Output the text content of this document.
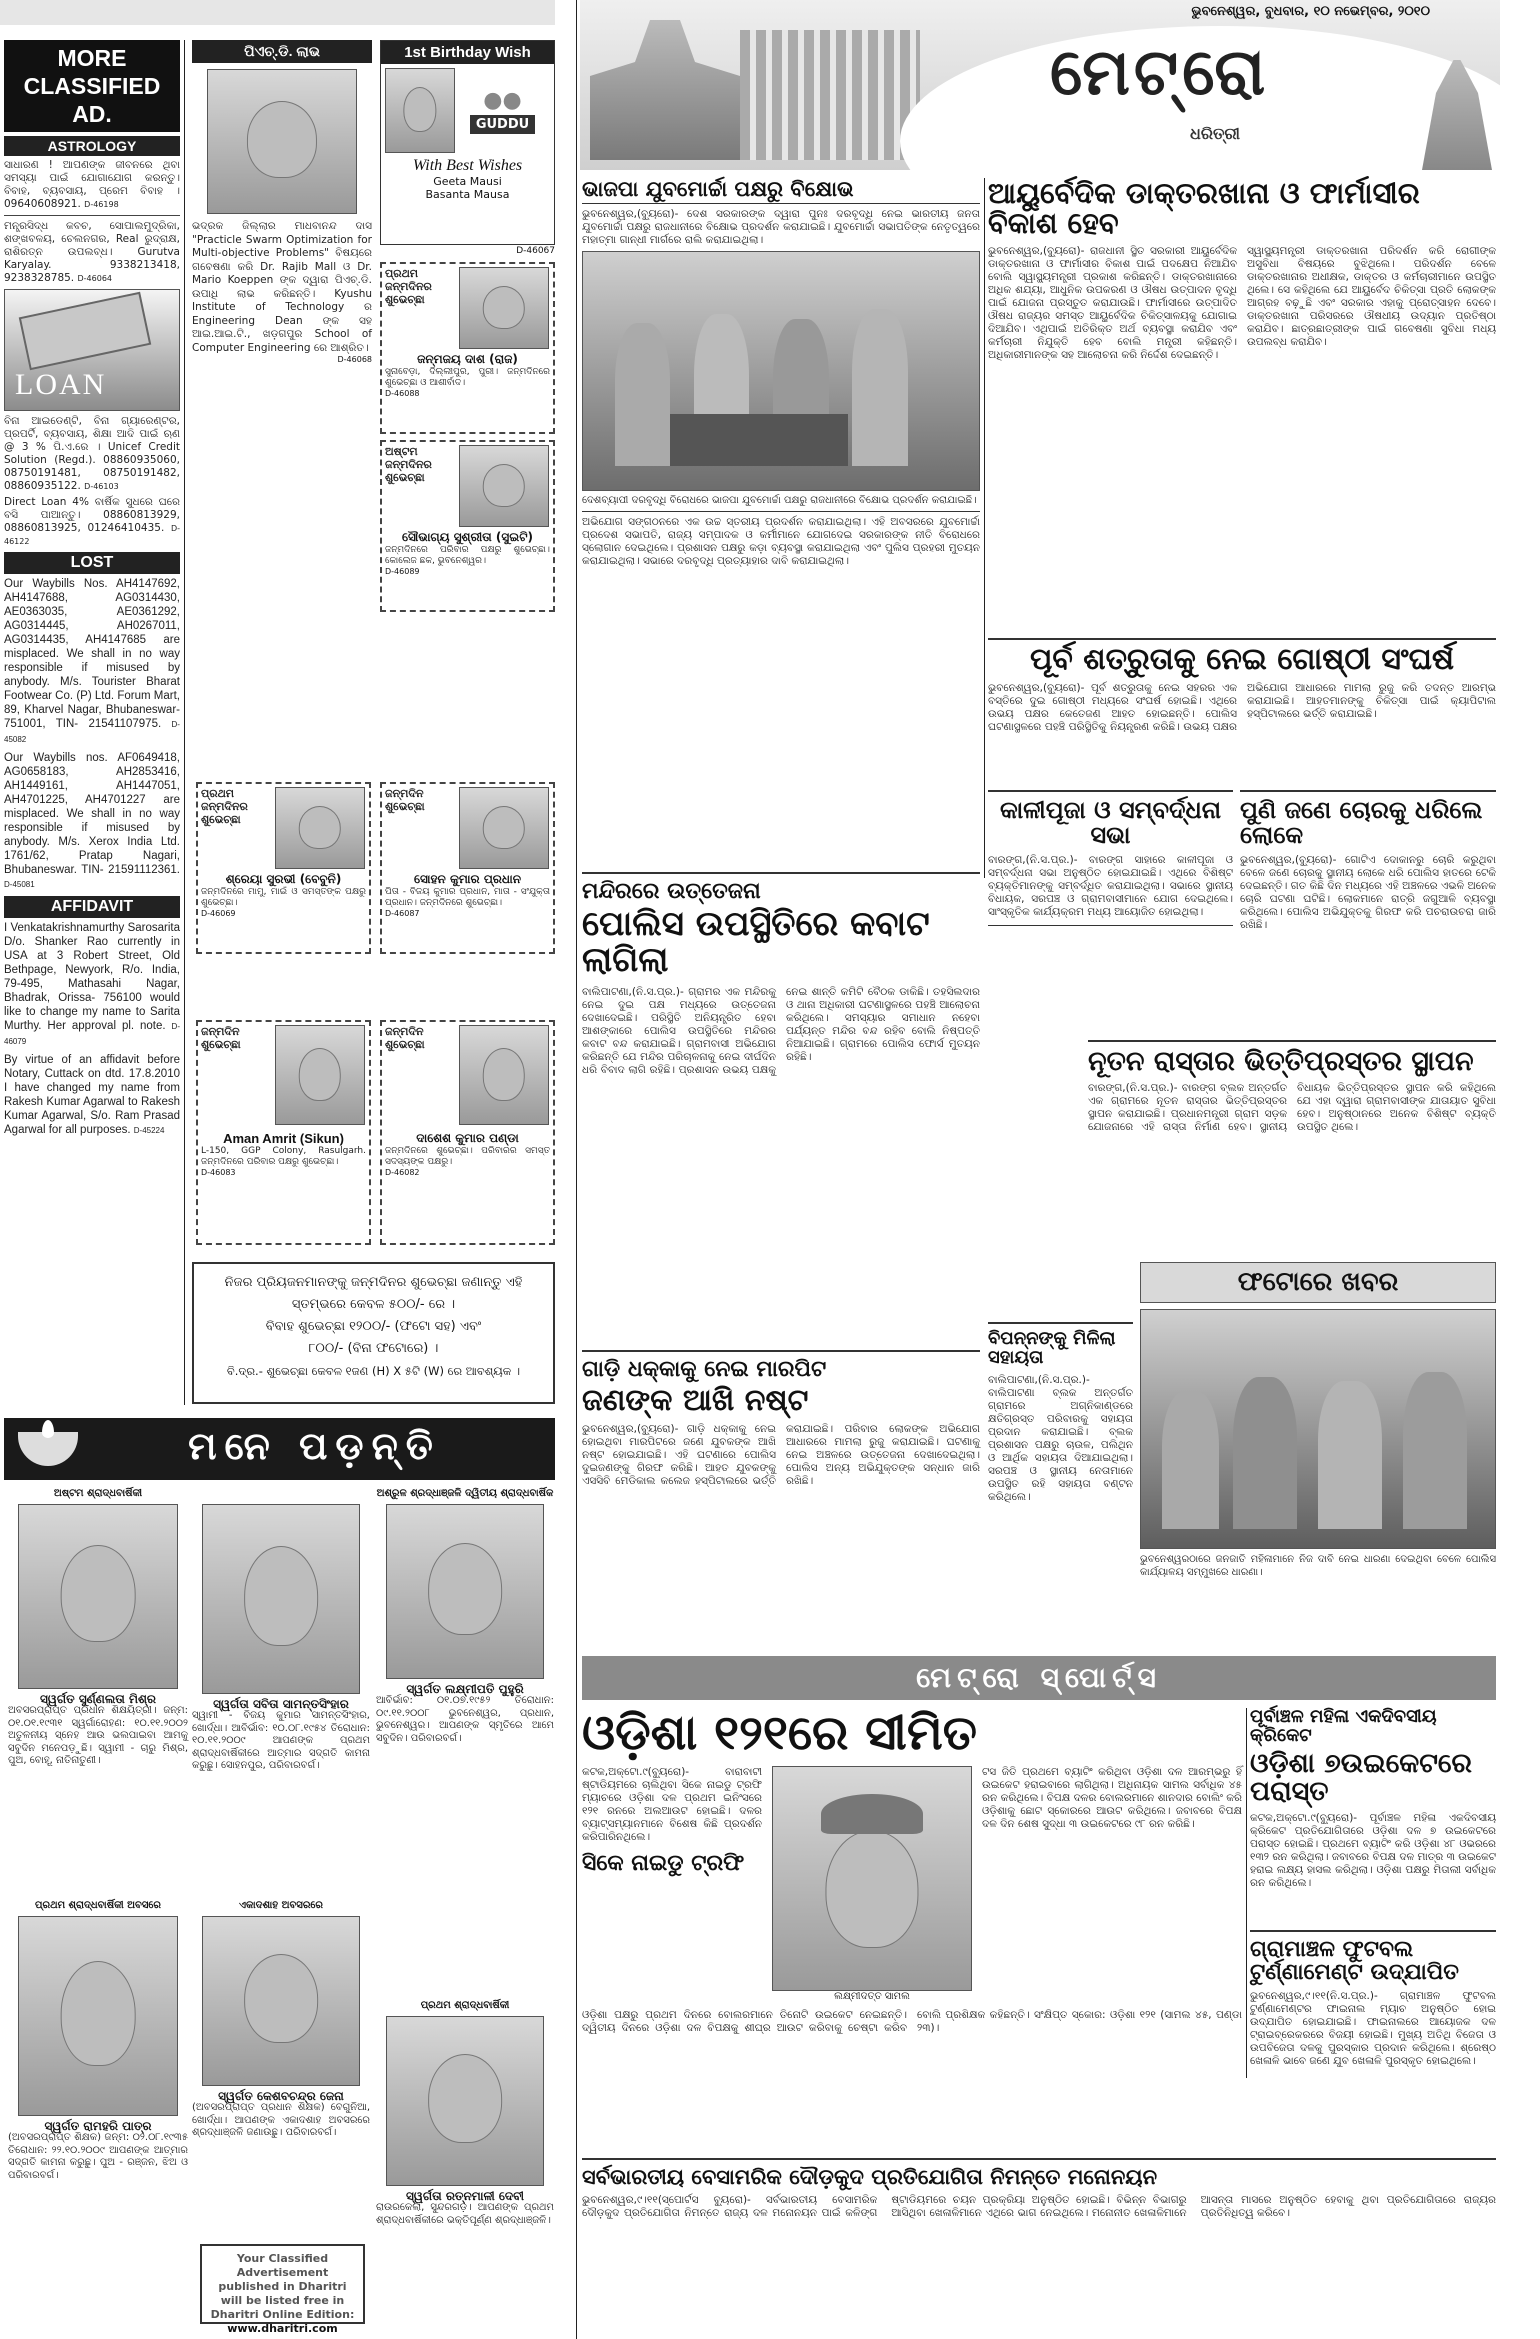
MORE CLASSIFIED AD.
ASTROLOGY
ସାଧାରଣ ! ଆପଣଙ୍କ ଜୀବନରେ ଥିବା ସମସ୍ୟା ପାଇଁ ଯୋଗାଯୋଗ କରନ୍ତୁ। ବିବାହ, ବ୍ୟବସାୟ, ପ୍ରେମ ବିବାହ । 09640608921. D-46198
ମନ୍ତ୍ରସିଦ୍ଧ କବଚ, ସୋପାଲମୁଦ୍ରିକା, ଶଙ୍ଖବଳୟ, ଚେଲନଗର, Real ରୁଦ୍ରାକ୍ଷ, ରାଶିରତ୍ନ ଉପଲବ୍ଧ। Gurutva Karyalay. 9338213418, 9238328785. D-46064
LOAN
ବିନା ଆଇଡେଣ୍ଟି, ବିନା ଗ୍ୟାରେଣ୍ଟର, ପ୍ରପର୍ଟି, ବ୍ୟବସାୟ, ଶିକ୍ଷା ଆଦି ପାଇଁ ଋଣ @ 3 % ପି.ଏ.ରେ । Unicef Credit Solution (Regd.). 08860935060, 08750191481, 08750191482, 08860935122. D-46103
Direct Loan 4% ବାର୍ଷିକ ସୁଧରେ ଘରେ ବସି ପାଆନ୍ତୁ। 08860813929, 08860813925, 01246410435. D-46122
LOST
Our Waybills Nos. AH4147692, AH4147688, AG0314430, AE0363035, AE0361292, AG0314445, AH0267011, AG0314435, AH4147685 are misplaced. We shall in no way responsible if misused by anybody. M/s. Tourister Bharat Footwear Co. (P) Ltd. Forum Mart, 89, Kharvel Nagar, Bhubaneswar-751001, TIN- 21541107975. D-45082
Our Waybills nos. AF0649418, AG0658183, AH2853416, AH1449161, AH1447051, AH4701225, AH4701227 are misplaced. We shall in no way responsible if misused by anybody. M/s. Xerox India Ltd. 1761/62, Pratap Nagari, Bhubaneswar. TIN- 21591112361. D-45081
AFFIDAVIT
I Venkatakrishnamurthy Sarosarita D/o. Shanker Rao currently in USA at 3 Robert Street, Old Bethpage, Newyork, R/o. India, 79-495, Mathasahi Nagar, Bhadrak, Orissa- 756100 would like to change my name to Sarita Murthy. Her approval pl. note. D-46079
By virtue of an affidavit before Notary, Cuttack on dtd. 17.8.2010 I have changed my name from Rakesh Kumar Agarwal to Rakesh Kumar Agarwal, S/o. Ram Prasad Agarwal for all purposes. D-45224
ପିଏଚ୍.ଡି. ଲାଭ
ଭଦ୍ରକ ଜିଲ୍ଲାର ମାଧବାନନ୍ଦ ଦାସ "Practicle Swarm Optimization for Multi-objective Problems" ବିଷୟରେ ଗବେଷଣା କରି Dr. Rajib Mall ଓ Dr. Mario Koeppen ଙ୍କ ଦ୍ୱାରା ପିଏଚ୍.ଡି. ଉପାଧି ଲାଭ କରିଛନ୍ତି। Kyushu Institute of Technology ର Engineering Dean ଙ୍କ ସହ ଆଇ.ଆଇ.ଟି., ଖଡ଼ଗପୁର School of Computer Engineering ରେ ଆଶ୍ରିତ।
D-46068
1st Birthday Wish
●●
GUDDU
With Best Wishes
Geeta Mausi
Basanta Mausa
D-46067
ପ୍ରଥମ ଜନ୍ମଦିନର ଶୁଭେଚ୍ଛା
ଜନ୍ମଜୟ ଦାଶ (ରାଜ)
ସୁନାବେଡ଼ା, ଦିଲ୍ଲୀପୁର, ପୁରୀ। ଜନ୍ମଦିନରେ ଶୁଭେଚ୍ଛା ଓ ଆଶୀର୍ବାଦ।
D-46088
ଅଷ୍ଟମ ଜନ୍ମଦିନର ଶୁଭେଚ୍ଛା
ସୌଭାଗ୍ୟ ସୁଶ୍ରୀତା (ସୁଇଟି)
ଜନ୍ମଦିନରେ ପରିବାର ପକ୍ଷରୁ ଶୁଭେଚ୍ଛା। କୋଲେଜ ଛକ, ଭୁବନେଶ୍ୱର।
D-46089
ପ୍ରଥମ ଜନ୍ମଦିନର ଶୁଭେଚ୍ଛା
ଶ୍ରେୟା ସୁରଭୀ (ବେବୁନି)
ଜନ୍ମଦିନରେ ମାମୁ, ମାଇଁ ଓ ସମସ୍ତଙ୍କ ପକ୍ଷରୁ ଶୁଭେଚ୍ଛା।
D-46069
ଜନ୍ମଦିନ ଶୁଭେଚ୍ଛା
ସୋହନ କୁମାର ପ୍ରଧାନ
ପିତା - ବିଜୟ କୁମାର ପ୍ରଧାନ, ମାତା - ସଂଯୁକ୍ତା ପ୍ରଧାନ। ଜନ୍ମଦିନରେ ଶୁଭେଚ୍ଛା।
D-46087
ଜନ୍ମଦିନ ଶୁଭେଚ୍ଛା
Aman Amrit (Sikun)
L-150, GGP Colony, Rasulgarh. ଜନ୍ମଦିନରେ ପରିବାର ପକ୍ଷରୁ ଶୁଭେଚ୍ଛା।
D-46083
ଜନ୍ମଦିନ ଶୁଭେଚ୍ଛା
ଦାଶେଶ କୁମାର ପଣ୍ଡା
ଜନ୍ମଦିନରେ ଶୁଭେଚ୍ଛା। ପରିବାରର ସମସ୍ତ ସଦସ୍ୟଙ୍କ ପକ୍ଷରୁ।
D-46082
ନିଜର ପ୍ରିୟଜନମାନଙ୍କୁ ଜନ୍ମଦିନର ଶୁଭେଚ୍ଛା ଜଣାନ୍ତୁ ଏହି
ସ୍ତମ୍ଭରେ କେବଳ ୫୦୦/- ରେ ।
ବିବାହ ଶୁଭେଚ୍ଛା ୧୨୦୦/- (ଫଟୋ ସହ) ଏବଂ
୮୦୦/- (ବିନା ଫଟୋରେ) ।
ବି.ଦ୍ର.- ଶୁଭେଚ୍ଛା କେବଳ ୧ଜଣ (H) X ୫ଟି (W) ରେ ଆବଶ୍ୟକ ।
ମନେ ପଡ଼ନ୍ତି
ଅଷ୍ଟମ ଶ୍ରାଦ୍ଧବାର୍ଷିକୀ
ସ୍ୱର୍ଗତ ସୁର୍ଣ୍ଣଲତା ମିଶ୍ର
ଅବସରପ୍ରାପ୍ତ ପ୍ରଧାନ ଶିକ୍ଷୟିତ୍ରୀ। ଜନ୍ମ: ୦୧.୦୧.୧୯୩୧ ସ୍ୱର୍ଗାରୋହଣ: ୧୦.୧୧.୨୦୦୨ ଅତୁଳନୀୟ ସ୍ନେହ ଆଉ ଭଲପାଇବା ଆମକୁ ସବୁଦିନ ମନେପଡ଼ୁଛି। ସ୍ୱାମୀ - ଚାରୁ ମିଶ୍ର, ପୁଅ, ବୋହୂ, ନାତିନାତୁଣୀ।
ସ୍ୱର୍ଗତା ସବିତା ସାମନ୍ତସିଂହାର
ସ୍ୱାମୀ - ବିଜୟ କୁମାର ସାମନ୍ତସିଂହାର, ଖୋର୍ଦ୍ଧା। ଆବିର୍ଭାବ: ୧୦.୦୮.୧୯୫୪ ତିରୋଧାନ: ୧୦.୧୧.୨୦୦୯ ଆପଣଙ୍କ ପ୍ରଥମ ଶ୍ରାଦ୍ଧବାର୍ଷିକୀରେ ଆତ୍ମାର ସଦ୍‌ଗତି କାମନା କରୁଛୁ। ସୋହନପୁର, ପରିବାରବର୍ଗ।
ଅଶ୍ରୁଳ ଶ୍ରଦ୍ଧାଞ୍ଜଳି ଦ୍ୱିତୀୟ ଶ୍ରାଦ୍ଧବାର୍ଷିକ
ସ୍ୱର୍ଗତ ଲକ୍ଷ୍ମୀପତି ପୁହୁରି
ଆବିର୍ଭାବ: ୦୧.୦୭.୧୯୫୨ ତିରୋଧାନ: ୦୯.୧୧.୨୦୦୮ ଭୁବନେଶ୍ୱର, ପ୍ରଧାନ, ଭୁବନେଶ୍ୱର। ଆପଣଙ୍କ ସ୍ମୃତିରେ ଆମେ ସବୁଦିନ। ପରିବାରବର୍ଗ।
ପ୍ରଥମ ଶ୍ରାଦ୍ଧବାର୍ଷିକୀ ଅବସରେ
ସ୍ୱର୍ଗତ ରାମହରି ପାତ୍ର
(ଅବସରପ୍ରାପ୍ତ ଶିକ୍ଷକ) ଜନ୍ମ: ୦୨.୦୮.୧୯୩୫ ତିରୋଧାନ: ୨୨.୧୦.୨୦୦୯ ଆପଣଙ୍କ ଆତ୍ମାର ସଦ୍‌ଗତି କାମନା କରୁଛୁ। ପୁଅ - ରଞ୍ଜନ, ଝିଅ ଓ ପରିବାରବର୍ଗ।
ଏକାଦଶାହ ଅବସରରେ
ସ୍ୱର୍ଗତ କେଶବଚନ୍ଦ୍ର ଜେନା
(ଅବସରପ୍ରାପ୍ତ ପ୍ରଧାନ ଶିକ୍ଷକ) ବେଗୁନିଆ, ଖୋର୍ଦ୍ଧା। ଆପଣଙ୍କ ଏକାଦଶାହ ଅବସରରେ ଶ୍ରଦ୍ଧାଞ୍ଜଳି ଜଣାଉଛୁ। ପରିବାରବର୍ଗ।
Your Classified Advertisement published in Dharitri will be listed free in Dharitri Online Edition:
www.dharitri.com
ପ୍ରଥମ ଶ୍ରାଦ୍ଧବାର୍ଷିକୀ
ସ୍ୱର୍ଗତା ରତ୍ନମାଳୀ ଦେବୀ
ରାଉରକେଲା, ସୁନ୍ଦରଗଡ଼। ଆପଣଙ୍କ ପ୍ରଥମ ଶ୍ରାଦ୍ଧବାର୍ଷିକୀରେ ଭକ୍ତିପୂର୍ଣ୍ଣ ଶ୍ରଦ୍ଧାଞ୍ଜଳି।
ଭୁବନେଶ୍ୱର, ବୁଧବାର, ୧୦ ନଭେମ୍ବର, ୨୦୧୦
ମେଟ୍ରୋ
ଧରିତ୍ରୀ
ଭାଜପା ଯୁବମୋର୍ଚ୍ଚା ପକ୍ଷରୁ ବିକ୍ଷୋଭ
ଭୁବନେଶ୍ୱର,(ବ୍ୟୁରୋ)- ଦେଶ ସରକାରଙ୍କ ଦ୍ୱାରା ପୁନଃ ଦରବୃଦ୍ଧି ନେଇ ଭାରତୀୟ ଜନତା ଯୁବମୋର୍ଚ୍ଚା ପକ୍ଷରୁ ରାଜଧାନୀରେ ବିକ୍ଷୋଭ ପ୍ରଦର୍ଶନ କରାଯାଇଛି। ଯୁବମୋର୍ଚ୍ଚା ସଭାପତିଙ୍କ ନେତୃତ୍ୱରେ ମହାତ୍ମା ଗାନ୍ଧୀ ମାର୍ଗରେ ରାଲି କରାଯାଇଥିଲା।
ଦେଶବ୍ୟାପୀ ଦରବୃଦ୍ଧି ବିରୋଧରେ ଭାଜପା ଯୁବମୋର୍ଚ୍ଚା ପକ୍ଷରୁ ରାଜଧାନୀରେ ବିକ୍ଷୋଭ ପ୍ରଦର୍ଶନ କରାଯାଇଛି।
ଅଭିଯୋଗ ସଙ୍ଗଠନରେ ଏକ ଉଚ୍ଚ ସ୍ତରୀୟ ପ୍ରଦର୍ଶନ କରାଯାଇଥିଲା। ଏହି ଅବସରରେ ଯୁବମୋର୍ଚ୍ଚା ପ୍ରଦେଶ ସଭାପତି, ରାଜ୍ୟ ସମ୍ପାଦକ ଓ କର୍ମୀମାନେ ଯୋଗଦେଇ ସରକାରଙ୍କ ନୀତି ବିରୋଧରେ ସ୍ଲୋଗାନ ଦେଇଥିଲେ। ପ୍ରଶାସନ ପକ୍ଷରୁ କଡ଼ା ବ୍ୟବସ୍ଥା କରାଯାଇଥିଲା ଏବଂ ପୁଲିସ ପ୍ରହରୀ ମୁତୟନ କରାଯାଇଥିଲା। ସଭାରେ ଦରବୃଦ୍ଧି ପ୍ରତ୍ୟାହାର ଦାବି କରାଯାଇଥିଲା।
ଆୟୁର୍ବେଦିକ ଡାକ୍ତରଖାନା ଓ ଫାର୍ମାସୀର ବିକାଶ ହେବ
ଭୁବନେଶ୍ୱର,(ବ୍ୟୁରୋ)- ରାଜଧାନୀ ସ୍ଥିତ ସରକାରୀ ଆୟୁର୍ବେଦିକ ଡାକ୍ତରଖାନା ଓ ଫାର୍ମାସୀର ବିକାଶ ପାଇଁ ପଦକ୍ଷେପ ନିଆଯିବ ବୋଲି ସ୍ୱାସ୍ଥ୍ୟମନ୍ତ୍ରୀ ପ୍ରକାଶ କରିଛନ୍ତି। ଡାକ୍ତରଖାନାରେ ଅଧିକ ଶଯ୍ୟା, ଆଧୁନିକ ଉପକରଣ ଓ ଔଷଧ ଉତ୍ପାଦନ ବୃଦ୍ଧି ପାଇଁ ଯୋଜନା ପ୍ରସ୍ତୁତ କରାଯାଉଛି। ଫାର୍ମାସୀରେ ଉତ୍ପାଦିତ ଔଷଧ ରାଜ୍ୟର ସମସ୍ତ ଆୟୁର୍ବେଦିକ ଚିକିତ୍ସାଳୟକୁ ଯୋଗାଇ ଦିଆଯିବ। ଏଥିପାଇଁ ଅତିରିକ୍ତ ଅର୍ଥ ବ୍ୟବସ୍ଥା କରାଯିବ ଏବଂ କର୍ମଚାରୀ ନିଯୁକ୍ତି ହେବ ବୋଲି ମନ୍ତ୍ରୀ କହିଛନ୍ତି। ଅଧିକାରୀମାନଙ୍କ ସହ ଆଲୋଚନା କରି ନିର୍ଦ୍ଦେଶ ଦେଇଛନ୍ତି।
ସ୍ୱାସ୍ଥ୍ୟମନ୍ତ୍ରୀ ଡାକ୍ତରଖାନା ପରିଦର୍ଶନ କରି ରୋଗୀଙ୍କ ଅସୁବିଧା ବିଷୟରେ ବୁଝିଥିଲେ। ପରିଦର୍ଶନ ବେଳେ ଡାକ୍ତରଖାନାର ଅଧୀକ୍ଷକ, ଡାକ୍ତର ଓ କର୍ମଚାରୀମାନେ ଉପସ୍ଥିତ ଥିଲେ। ସେ କହିଥିଲେ ଯେ ଆୟୁର୍ବେଦ ଚିକିତ୍ସା ପ୍ରତି ଲୋକଙ୍କ ଆଗ୍ରହ ବଢ଼ୁଛି ଏବଂ ସରକାର ଏହାକୁ ପ୍ରୋତ୍ସାହନ ଦେବେ। ଡାକ୍ତରଖାନା ପରିସରରେ ଔଷଧୀୟ ଉଦ୍ୟାନ ପ୍ରତିଷ୍ଠା କରାଯିବ। ଛାତ୍ରଛାତ୍ରୀଙ୍କ ପାଇଁ ଗବେଷଣା ସୁବିଧା ମଧ୍ୟ ଉପଲବ୍ଧ କରାଯିବ।
ପୂର୍ବ ଶତ୍ରୁତାକୁ ନେଇ ଗୋଷ୍ଠୀ ସଂଘର୍ଷ
ଭୁବନେଶ୍ୱର,(ବ୍ୟୁରୋ)- ପୂର୍ବ ଶତ୍ରୁତାକୁ ନେଇ ସହରର ଏକ ବସ୍ତିରେ ଦୁଇ ଗୋଷ୍ଠୀ ମଧ୍ୟରେ ସଂଘର୍ଷ ହୋଇଛି। ଏଥିରେ ଉଭୟ ପକ୍ଷର କେତେଜଣ ଆହତ ହୋଇଛନ୍ତି। ପୋଲିସ ଘଟଣାସ୍ଥଳରେ ପହଞ୍ଚି ପରିସ୍ଥିତିକୁ ନିୟନ୍ତ୍ରଣ କରିଛି। ଉଭୟ ପକ୍ଷର ଅଭିଯୋଗ ଆଧାରରେ ମାମଲା ରୁଜୁ କରି ତଦନ୍ତ ଆରମ୍ଭ କରାଯାଇଛି। ଆହତମାନଙ୍କୁ ଚିକିତ୍ସା ପାଇଁ କ୍ୟାପିଟାଲ ହସ୍ପିଟାଲରେ ଭର୍ତ୍ତି କରାଯାଇଛି।
କାଳୀପୂଜା ଓ ସମ୍ବର୍ଦ୍ଧନା ସଭା
ବାରଙ୍ଗ,(ନି.ସ.ପ୍ର.)- ବାରଙ୍ଗ ସାହାରେ କାଳୀପୂଜା ଓ ସମ୍ବର୍ଦ୍ଧନା ସଭା ଅନୁଷ୍ଠିତ ହୋଇଯାଇଛି। ଏଥିରେ ବିଶିଷ୍ଟ ବ୍ୟକ୍ତିମାନଙ୍କୁ ସମ୍ବର୍ଦ୍ଧିତ କରାଯାଇଥିଲା। ସଭାରେ ସ୍ଥାନୀୟ ବିଧାୟକ, ସରପଞ୍ଚ ଓ ଗ୍ରାମବାସୀମାନେ ଯୋଗ ଦେଇଥିଲେ। ସାଂସ୍କୃତିକ କାର୍ଯ୍ୟକ୍ରମ ମଧ୍ୟ ଆୟୋଜିତ ହୋଇଥିଲା।
ପୁଣି ଜଣେ ଚୋରକୁ ଧରିଲେ ଲୋକେ
ଭୁବନେଶ୍ୱର,(ବ୍ୟୁରୋ)- ଗୋଟିଏ ଦୋକାନରୁ ଚୋରି କରୁଥିବା ବେଳେ ଜଣେ ଚୋରକୁ ସ୍ଥାନୀୟ ଲୋକେ ଧରି ପୋଲିସ ହାତରେ ଟେକି ଦେଇଛନ୍ତି। ଗତ କିଛି ଦିନ ମଧ୍ୟରେ ଏହି ଅଞ୍ଚଳରେ ଏଭଳି ଅନେକ ଚୋରି ଘଟଣା ଘଟିଛି। ଲୋକମାନେ ରାତ୍ରି ଜଗୁଆଳି ବ୍ୟବସ୍ଥା କରିଥିଲେ। ପୋଲିସ ଅଭିଯୁକ୍ତକୁ ଗିରଫ କରି ପଚରାଉଚରା ଜାରି ରଖିଛି।
ମନ୍ଦିରରେ ଉତ୍ତେଜନା
ପୋଲିସ ଉପସ୍ଥିତିରେ କବାଟ ଲାଗିଲା
ବାଲିପାଟଣା,(ନି.ସ.ପ୍ର.)- ଗ୍ରାମର ଏକ ମନ୍ଦିରକୁ ନେଇ ଦୁଇ ପକ୍ଷ ମଧ୍ୟରେ ଉତ୍ତେଜନା ଦେଖାଦେଇଛି। ପରିସ୍ଥିତି ଅନିୟନ୍ତ୍ରିତ ହେବା ଆଶଙ୍କାରେ ପୋଲିସ ଉପସ୍ଥିତିରେ ମନ୍ଦିରର କବାଟ ବନ୍ଦ କରାଯାଇଛି। ଗ୍ରାମବାସୀ ଅଭିଯୋଗ କରିଛନ୍ତି ଯେ ମନ୍ଦିର ପରିଚାଳନାକୁ ନେଇ ଦୀର୍ଘଦିନ ଧରି ବିବାଦ ଲାଗି ରହିଛି। ପ୍ରଶାସନ ଉଭୟ ପକ୍ଷକୁ ନେଇ ଶାନ୍ତି କମିଟି ବୈଠକ ଡାକିଛି। ତହସିଲଦାର ଓ ଥାନା ଅଧିକାରୀ ଘଟଣାସ୍ଥଳରେ ପହଞ୍ଚି ଆଲୋଚନା କରିଥିଲେ। ସମସ୍ୟାର ସମାଧାନ ନହେବା ପର୍ଯ୍ୟନ୍ତ ମନ୍ଦିର ବନ୍ଦ ରହିବ ବୋଲି ନିଷ୍ପତ୍ତି ନିଆଯାଇଛି। ଗ୍ରାମରେ ପୋଲିସ ଫୋର୍ସ ମୁତୟନ ରହିଛି।	ନୂତନ ରାସ୍ତାର ଭିତ୍ତିପ୍ରସ୍ତର ସ୍ଥାପନ
ବାରଙ୍ଗ,(ନି.ସ.ପ୍ର.)- ବାରଙ୍ଗ ବ୍ଲକ ଅନ୍ତର୍ଗତ ଏକ ଗ୍ରାମରେ ନୂତନ ରାସ୍ତାର ଭିତ୍ତିପ୍ରସ୍ତର ସ୍ଥାପନ କରାଯାଇଛି। ପ୍ରଧାନମନ୍ତ୍ରୀ ଗ୍ରାମ ସଡ଼କ ଯୋଜନାରେ ଏହି ରାସ୍ତା ନିର୍ମାଣ ହେବ। ସ୍ଥାନୀୟ ବିଧାୟକ ଭିତ୍ତିପ୍ରସ୍ତର ସ୍ଥାପନ କରି କହିଥିଲେ ଯେ ଏହା ଦ୍ୱାରା ଗ୍ରାମବାସୀଙ୍କ ଯାତାୟାତ ସୁବିଧା ହେବ। ଅନୁଷ୍ଠାନରେ ଅନେକ ବିଶିଷ୍ଟ ବ୍ୟକ୍ତି ଉପସ୍ଥିତ ଥିଲେ।
ବିପନ୍ନଙ୍କୁ ମିଳିଲା ସହାୟତା
ବାଲିପାଟଣା,(ନି.ସ.ପ୍ର.)- ବାଲିପାଟଣା ବ୍ଲକ ଅନ୍ତର୍ଗତ ଗ୍ରାମରେ ଅଗ୍ନିକାଣ୍ଡରେ କ୍ଷତିଗ୍ରସ୍ତ ପରିବାରକୁ ସହାୟତା ପ୍ରଦାନ କରାଯାଇଛି। ବ୍ଲକ ପ୍ରଶାସନ ପକ୍ଷରୁ ଚାଉଳ, ପଲିଥିନ ଓ ଆର୍ଥିକ ସହାୟତା ଦିଆଯାଇଥିଲା। ସରପଞ୍ଚ ଓ ସ୍ଥାନୀୟ ନେତାମାନେ ଉପସ୍ଥିତ ରହି ସହାୟତା ବଣ୍ଟନ କରିଥିଲେ।
ଫଟୋରେ ଖବର
ଭୁବନେଶ୍ୱରଠାରେ ଜନଜାତି ମହିଳାମାନେ ନିଜ ଦାବି ନେଇ ଧାରଣା ଦେଇଥିବା ବେଳେ ପୋଲିସ କାର୍ଯ୍ୟାଳୟ ସମ୍ମୁଖରେ ଧାରଣା।
ଗାଡ଼ି ଧକ୍କାକୁ ନେଇ ମାରପିଟ
ଜଣଙ୍କ ଆଖି ନଷ୍ଟ
ଭୁବନେଶ୍ୱର,(ବ୍ୟୁରୋ)- ଗାଡ଼ି ଧକ୍କାକୁ ନେଇ ହୋଇଥିବା ମାରପିଟରେ ଜଣେ ଯୁବକଙ୍କ ଆଖି ନଷ୍ଟ ହୋଇଯାଇଛି। ଏହି ଘଟଣାରେ ପୋଲିସ ଦୁଇଜଣଙ୍କୁ ଗିରଫ କରିଛି। ଆହତ ଯୁବକଙ୍କୁ ଏସସିବି ମେଡିକାଲ କଲେଜ ହସ୍ପିଟାଲରେ ଭର୍ତ୍ତି କରାଯାଇଛି। ପରିବାର ଲୋକଙ୍କ ଅଭିଯୋଗ ଆଧାରରେ ମାମଲା ରୁଜୁ କରାଯାଇଛି। ଘଟଣାକୁ ନେଇ ଅଞ୍ଚଳରେ ଉତ୍ତେଜନା ଦେଖାଦେଇଥିଲା। ପୋଲିସ ଅନ୍ୟ ଅଭିଯୁକ୍ତଙ୍କ ସନ୍ଧାନ ଜାରି ରଖିଛି।
ମେଟ୍ରୋ ସ୍ପୋର୍ଟ୍ସ
ଓଡ଼ିଶା ୧୨୧ରେ ସୀମିତ
କଟକ,ଅକ୍ଟୋ.୯(ବ୍ୟୁରୋ)- ବାରାବାଟୀ ଷ୍ଟାଡିୟମରେ ଚାଲିଥିବା ସିକେ ନାଇଡୁ ଟ୍ରଫି ମ୍ୟାଚରେ ଓଡ଼ିଶା ଦଳ ପ୍ରଥମ ଇନିଂସରେ ୧୨୧ ରନରେ ଅଲଆଉଟ ହୋଇଛି। ଦଳର ବ୍ୟାଟ୍ସମ୍ୟାନମାନେ ବିଶେଷ କିଛି ପ୍ରଦର୍ଶନ କରିପାରିନଥିଲେ।
ସିକେ ନାଇଡୁ ଟ୍ରଫି
ଲକ୍ଷ୍ମୀଦତ୍ତ ସାମଲ
ଟସ ଜିତି ପ୍ରଥମେ ବ୍ୟାଟିଂ କରିଥିବା ଓଡ଼ିଶା ଦଳ ଆରମ୍ଭରୁ ହିଁ ଉଇକେଟ ହରାଇବାରେ ଲାଗିଥିଲା। ଅଧିନାୟକ ସାମଲ ସର୍ବାଧିକ ୪୫ ରନ କରିଥିଲେ। ବିପକ୍ଷ ଦଳର ବୋଲରମାନେ ଶାନଦାର ବୋଲିଂ କରି ଓଡ଼ିଶାକୁ ଛୋଟ ସ୍କୋରରେ ଆଉଟ କରିଥିଲେ। ଜବାବରେ ବିପକ୍ଷ ଦଳ ଦିନ ଶେଷ ସୁଦ୍ଧା ୩ ଉଇକେଟରେ ୯୮ ରନ କରିଛି।
ଓଡ଼ିଶା ପକ୍ଷରୁ ପ୍ରଥମ ଦିନରେ ବୋଲରମାନେ ତିନୋଟି ଉଇକେଟ ନେଇଛନ୍ତି। ଦ୍ୱିତୀୟ ଦିନରେ ଓଡ଼ିଶା ଦଳ ବିପକ୍ଷକୁ ଶୀଘ୍ର ଆଉଟ କରିବାକୁ ଚେଷ୍ଟା କରିବ ବୋଲି ପ୍ରଶିକ୍ଷକ କହିଛନ୍ତି। ସଂକ୍ଷିପ୍ତ ସ୍କୋର: ଓଡ଼ିଶା ୧୨୧ (ସାମଲ ୪୫, ପଣ୍ଡା ୨୩)।
ପୂର୍ବାଞ୍ଚଳ ମହିଳା ଏକଦିବସୀୟ କ୍ରିକେଟ
ଓଡ଼ିଶା ୭ଉଇକେଟରେ ପରାସ୍ତ
କଟକ,ଅକ୍ଟୋ.୯(ବ୍ୟୁରୋ)- ପୂର୍ବାଞ୍ଚଳ ମହିଳା ଏକଦିବସୀୟ କ୍ରିକେଟ ପ୍ରତିଯୋଗିତାରେ ଓଡ଼ିଶା ଦଳ ୭ ଉଇକେଟରେ ପରାସ୍ତ ହୋଇଛି। ପ୍ରଥମେ ବ୍ୟାଟିଂ କରି ଓଡ଼ିଶା ୪୮ ଓଭରରେ ୧୩୨ ରନ କରିଥିଲା। ଜବାବରେ ବିପକ୍ଷ ଦଳ ମାତ୍ର ୩ ଉଇକେଟ ହରାଇ ଲକ୍ଷ୍ୟ ହାସଲ କରିଥିଲା। ଓଡ଼ିଶା ପକ୍ଷରୁ ମିତାଲୀ ସର୍ବାଧିକ ରନ କରିଥିଲେ।
ଗ୍ରାମାଞ୍ଚଳ ଫୁଟବଲ ଟୁର୍ଣ୍ଣାମେଣ୍ଟ ଉଦ୍‌ଯାପିତ
ଭୁବନେଶ୍ୱର,୯।୧୧(ନି.ସ.ପ୍ର.)- ଗ୍ରାମାଞ୍ଚଳ ଫୁଟବଲ ଟୁର୍ଣ୍ଣାମେଣ୍ଟର ଫାଇନାଲ ମ୍ୟାଚ ଅନୁଷ୍ଠିତ ହୋଇ ଉଦ୍‌ଯାପିତ ହୋଇଯାଇଛି। ଫାଇନାଲରେ ଆୟୋଜକ ଦଳ ଟ୍ରାଇବ୍ରେକରରେ ବିଜୟୀ ହୋଇଛି। ମୁଖ୍ୟ ଅତିଥି ବିଜେତା ଓ ଉପବିଜେତା ଦଳକୁ ପୁରସ୍କାର ପ୍ରଦାନ କରିଥିଲେ। ଶ୍ରେଷ୍ଠ ଖେଳାଳି ଭାବେ ଜଣେ ଯୁବ ଖେଳାଳି ପୁରସ୍କୃତ ହୋଇଥିଲେ।
ସର୍ବଭାରତୀୟ ବେସାମରିକ ଦୌଡ଼କୁଦ ପ୍ରତିଯୋଗିତା ନିମନ୍ତେ ମନୋନୟନ
ଭୁବନେଶ୍ୱର,୯।୧୧(ସ୍ପୋର୍ଟସ ବ୍ୟୁରୋ)- ସର୍ବଭାରତୀୟ ବେସାମରିକ ଦୌଡ଼କୁଦ ପ୍ରତିଯୋଗିତା ନିମନ୍ତେ ରାଜ୍ୟ ଦଳ ମନୋନୟନ ପାଇଁ କଳିଙ୍ଗ ଷ୍ଟାଡିୟମରେ ଚୟନ ପ୍ରକ୍ରିୟା ଅନୁଷ୍ଠିତ ହୋଇଛି। ବିଭିନ୍ନ ବିଭାଗରୁ ଆସିଥିବା ଖେଳାଳିମାନେ ଏଥିରେ ଭାଗ ନେଇଥିଲେ। ମନୋନୀତ ଖେଳାଳିମାନେ ଆସନ୍ତା ମାସରେ ଅନୁଷ୍ଠିତ ହେବାକୁ ଥିବା ପ୍ରତିଯୋଗିତାରେ ରାଜ୍ୟର ପ୍ରତିନିଧିତ୍ୱ କରିବେ।
